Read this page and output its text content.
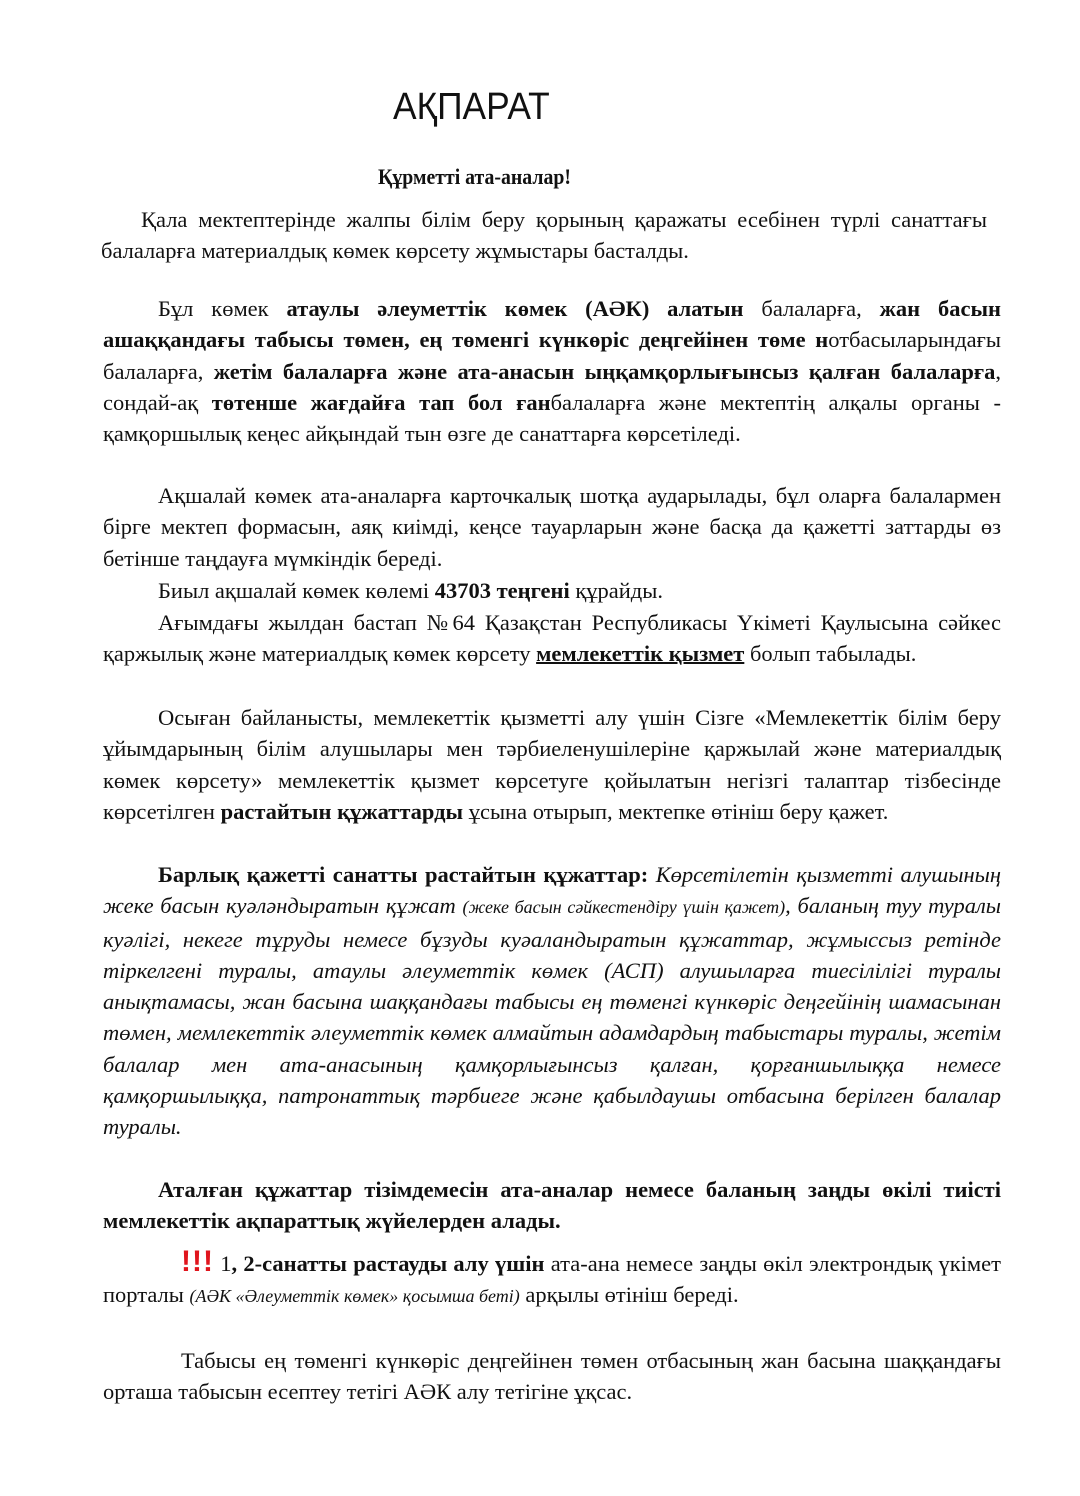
АҚПАРАТ

Құрметті ата-аналар!

Қала мектептерінде жалпы білім беру қорының қаражаты есебінен түрлі санаттағы балаларға материалдық көмек көрсету жұмыстары басталды.

Бұл көмек атаулы әлеуметтік көмек (АӘК) алатын балаларға, жан басын ашаққандағы табысы төмен, ең төменгі күнкөріс деңгейінен төме нотбасыларындағы балаларға, жетім балаларға және ата-анасын ыңқамқорлығынсыз қалған балаларға, сондай-ақ төтенше жағдайға тап бол ғанбалаларға және мектептің алқалы органы - қамқоршылық кеңес айқындай тын өзге де санаттарға көрсетіледі.

Ақшалай көмек ата-аналарға карточкалық шотқа аударылады, бұл оларға балалармен бірге мектеп формасын, аяқ киімді, кеңсе тауарларын және басқа да қажетті заттарды өз бетінше таңдауға мүмкіндік береді.

Биыл ақшалай көмек көлемі 43703 теңгені құрайды.

Ағымдағы жылдан бастап №64 Қазақстан Республикасы Үкіметі Қаулысына сәйкес қаржылық және материалдық көмек көрсету мемлекеттік қызмет болып табылады.

Осыған байланысты, мемлекеттік қызметті алу үшін Сізге «Мемлекеттік білім беру ұйымдарының білім алушылары мен тәрбиеленушілеріне қаржылай және материалдық көмек көрсету» мемлекеттік қызмет көрсетуге қойылатын негізгі талаптар тізбесінде көрсетілген растайтын құжаттарды ұсына отырып, мектепке өтініш беру қажет.

Барлық қажетті санатты растайтын құжаттар: Көрсетілетін қызметті алушының жеке басын куәләндыратын құжат (жеке басын сәйкестендіру үшін қажет), баланың туу туралы куәлігі, некеге тұруды немесе бұзуды куәаландыратын құжаттар, жұмыссыз ретінде тіркелгені туралы, атаулы әлеуметтік көмек (АСП) алушыларға тиесілілігі туралы анықтамасы, жан басына шаққандағы табысы ең төменгі күнкөріс деңгейінің шамасынан төмен, мемлекеттік әлеуметтік көмек алмайтын адамдардың табыстары туралы, жетім балалар мен ата-анасының қамқорлығынсыз қалған, қорғаншылыққа немесе қамқоршылыққа, патронаттық тәрбиеге және қабылдаушы отбасына берілген балалар туралы.

Аталған құжаттар тізімдемесін ата-аналар немесе баланың заңды өкілі тиісті мемлекеттік ақпараттық жүйелерден алады.

!!! 1, 2-санатты растауды алу үшін ата-ана немесе заңды өкіл электрондық үкімет порталы (АӘК «Әлеуметтік көмек» қосымша беті) арқылы өтініш береді.

Табысы ең төменгі күнкөріс деңгейінен төмен отбасының жан басына шаққандағы орташа табысын есептеу тетігі АӘК алу тетігіне ұқсас.
